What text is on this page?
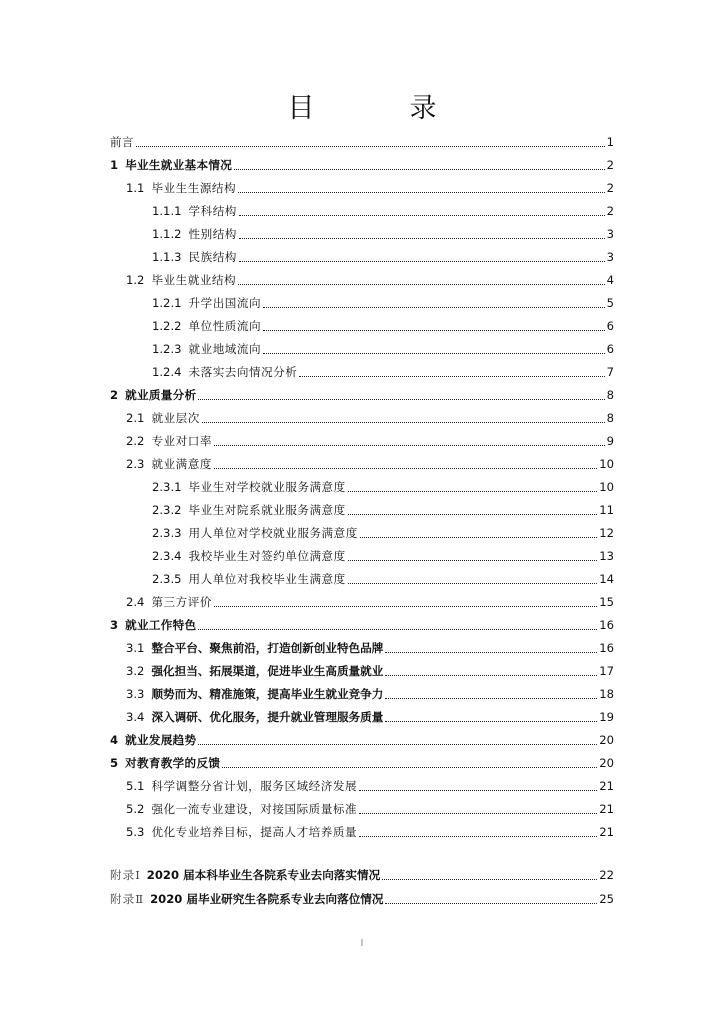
目　录
前言	1
1 毕业生就业基本情况	2
1.1 毕业生生源结构	2
1.1.1 学科结构	2
1.1.2 性别结构	3
1.1.3 民族结构	3
1.2 毕业生就业结构	4
1.2.1 升学出国流向	5
1.2.2 单位性质流向	6
1.2.3 就业地域流向	6
1.2.4 未落实去向情况分析	7
2 就业质量分析	8
2.1 就业层次	8
2.2 专业对口率	9
2.3 就业满意度	10
2.3.1 毕业生对学校就业服务满意度	10
2.3.2 毕业生对院系就业服务满意度	11
2.3.3 用人单位对学校就业服务满意度	12
2.3.4 我校毕业生对签约单位满意度	13
2.3.5 用人单位对我校毕业生满意度	14
2.4 第三方评价	15
3 就业工作特色	16
3.1 整合平台、聚焦前沿，打造创新创业特色品牌	16
3.2 强化担当、拓展渠道，促进毕业生高质量就业	17
3.3 顺势而为、精准施策，提高毕业生就业竞争力	18
3.4 深入调研、优化服务，提升就业管理服务质量	19
4 就业发展趋势	20
5 对教育教学的反馈	20
5.1 科学调整分省计划，服务区域经济发展	21
5.2 强化一流专业建设，对接国际质量标准	21
5.3 优化专业培养目标，提高人才培养质量	21
附录Ⅰ 2020 届本科毕业生各院系专业去向落实情况	22
附录Ⅱ 2020 届毕业研究生各院系专业去向落位情况	25
I
